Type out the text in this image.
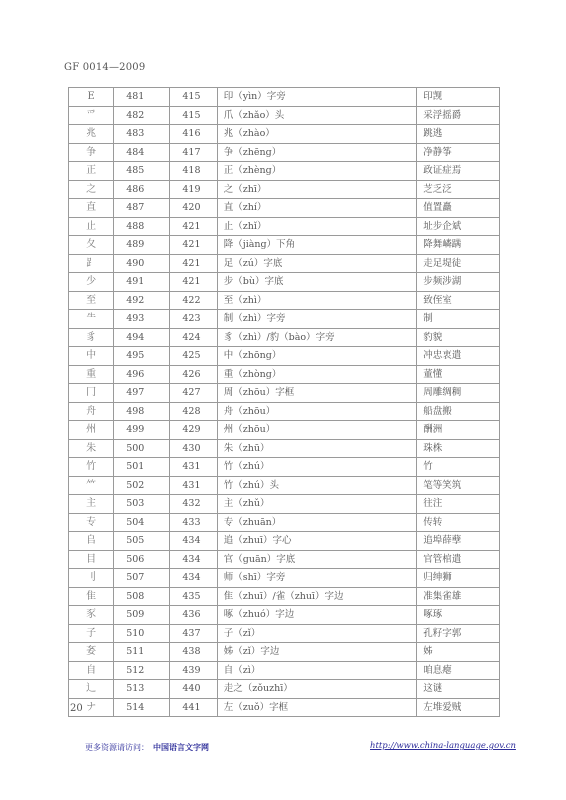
GF 0014—2009
E	481	415	印（yìn）字旁	印觊
爫	482	415	爪（zhǎo）头	采浮摇爵
兆	483	416	兆（zhào）	跳逃
争	484	417	争（zhēng）	净静筝
正	485	418	正（zhèng）	政证症焉
之	486	419	之（zhī）	芝乏泛
直	487	420	直（zhí）	值置矗
止	488	421	止（zhǐ）	址步企斌
夂	489	421	降（jiàng）下角	降舞嶙蹒
⻊	490	421	足（zú）字底	走足堤徒
少	491	421	步（bù）字底	步频涉湖
至	492	422	至（zhì）	致侄室
⺧	493	423	制（zhì）字旁	制
豸	494	424	豸（zhì）/豹（bào）字旁	豹貌
中	495	425	中（zhōng）	冲忠衷遣
重	496	426	重（zhòng）	董懂
冂	497	427	周（zhōu）字框	周雕绸稠
舟	498	428	舟（zhōu）	船盘搬
州	499	429	州（zhōu）	酬洲
朱	500	430	朱（zhū）	珠株
竹	501	431	竹（zhú）	竹
⺮	502	431	竹（zhú）头	笔等笑筑
主	503	432	主（zhǔ）	往注
专	504	433	专（zhuān）	传转
𠂤	505	434	追（zhuī）字心	追埠薛孽
目	506	434	官（guān）字底	官管棺遣
刂	507	434	师（shī）字旁	归绅狮
隹	508	435	隹（zhuī）/雀（zhuī）字边	准集雀雄
豕	509	436	啄（zhuó）字边	啄琢
子	510	437	子（zǐ）	孔籽字郭
㚣	511	438	姊（zǐ）字边	姊
自	512	439	自（zì）	咱息瘪
辶	513	440	走之（zǒuzhī）	这谜
ナ	514	441	左（zuǒ）字框	左堆爱贼
20
更多资源请访问： 中国语言文字网	http://www.china-language.gov.cn
